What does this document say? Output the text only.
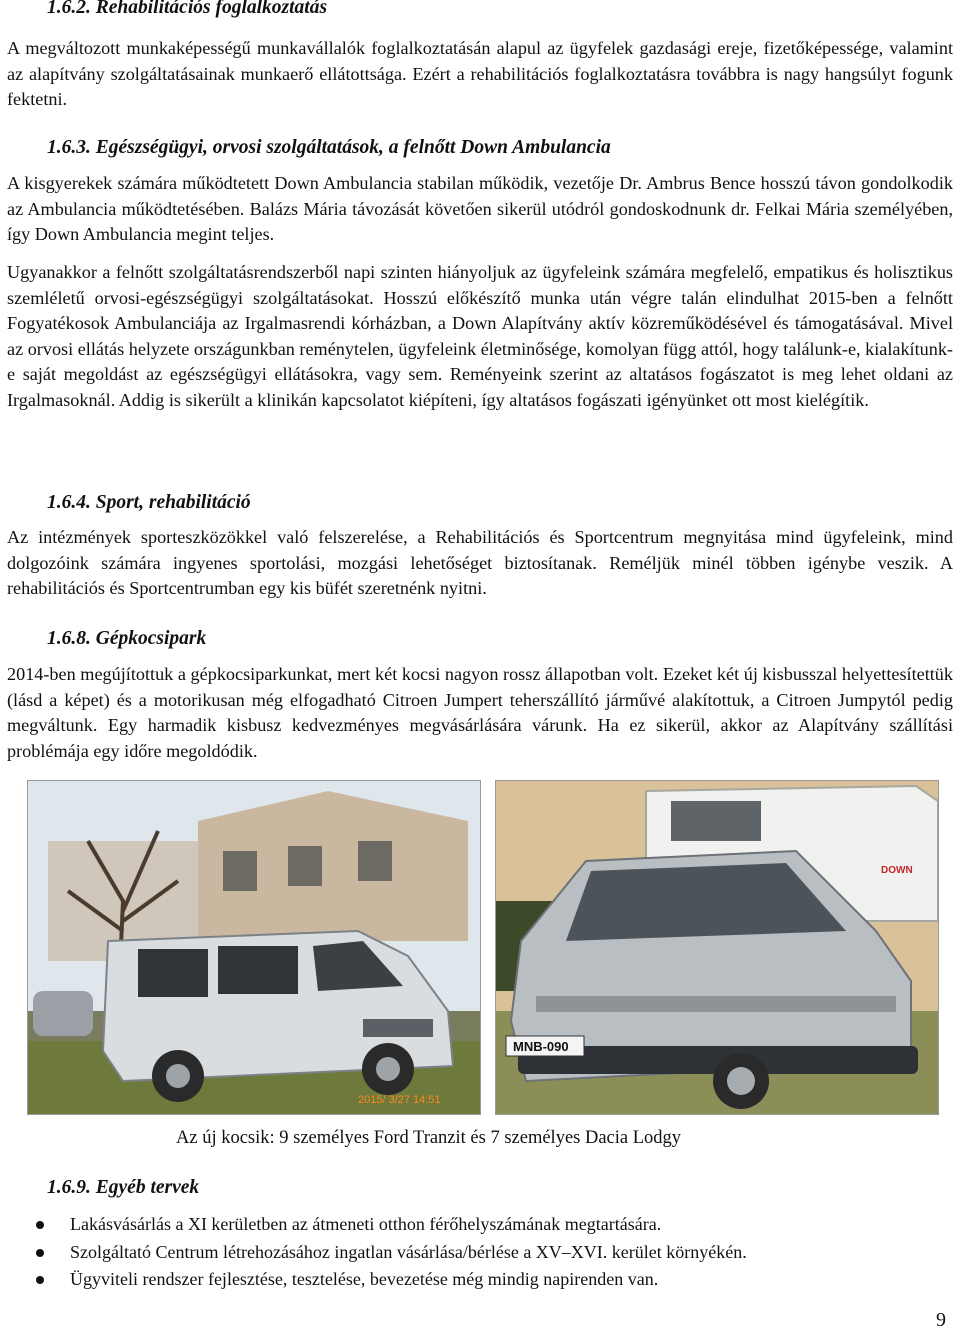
1.6.2. Rehabilitációs foglalkoztatás

A megváltozott munkaképességű munkavállalók foglalkoztatásán alapul az ügyfelek gazdasági ereje, fizetőképessége, valamint az alapítvány szolgáltatásainak munkaerő ellátottsága. Ezért a rehabilitációs foglalkoztatásra továbbra is nagy hangsúlyt fogunk fektetni.

1.6.3. Egészségügyi, orvosi szolgáltatások, a felnőtt Down Ambulancia

A kisgyerekek számára működtetett Down Ambulancia stabilan működik, vezetője Dr. Ambrus Bence hosszú távon gondolkodik az Ambulancia működtetésében. Balázs Mária távozását követően sikerül utódról gondoskodnunk dr. Felkai Mária személyében, így Down Ambulancia megint teljes.

Ugyanakkor a felnőtt szolgáltatásrendszerből napi szinten hiányoljuk az ügyfeleink számára megfelelő, empatikus és holisztikus szemléletű orvosi-egészségügyi szolgáltatásokat. Hosszú előkészítő munka után végre talán elindulhat 2015-ben a felnőtt Fogyatékosok Ambulanciája az Irgalmasrendi kórházban, a Down Alapítvány aktív közreműködésével és támogatásával. Mivel az orvosi ellátás helyzete országunkban reménytelen, ügyfeleink életminősége, komolyan függ attól, hogy találunk-e, kialakítunk-e saját megoldást az egészségügyi ellátásokra, vagy sem. Reményeink szerint az altatásos fogászatot is meg lehet oldani az Irgalmasoknál. Addig is sikerült a klinikán kapcsolatot kiépíteni, így altatásos fogászati igényünket ott most kielégítik.

1.6.4. Sport, rehabilitáció

Az intézmények sporteszközökkel való felszerelése, a Rehabilitációs és Sportcentrum megnyitása mind ügyfeleink, mind dolgozóink számára ingyenes sportolási, mozgási lehetőséget biztosítanak. Reméljük minél többen igénybe veszik. A rehabilitációs és Sportcentrumban egy kis büfét szeretnénk nyitni.

1.6.8. Gépkocsipark

2014-ben megújítottuk a gépkocsiparkunkat, mert két kocsi nagyon rossz állapotban volt. Ezeket két új kisbusszal helyettesítettük (lásd a képet) és a motorikusan még elfogadható Citroen Jumpert teherszállító járművé alakítottuk, a Citroen Jumpytól pedig megváltunk. Egy harmadik kisbusz kedvezményes megvásárlására várunk. Ha ez sikerül, akkor az Alapítvány szállítási problémája egy időre megoldódik.

2015/ 3/27 14:51
DOWN
MNB-090
Az új kocsik: 9 személyes Ford Tranzit és 7 személyes Dacia Lodgy
1.6.9. Egyéb tervek
Lakásvásárlás a XI kerületben az átmeneti otthon férőhelyszámának megtartására.
Szolgáltató Centrum létrehozásához ingatlan vásárlása/bérlése a XV–XVI. kerület környékén.
Ügyviteli rendszer fejlesztése, tesztelése, bevezetése még mindig napirenden van.
9
